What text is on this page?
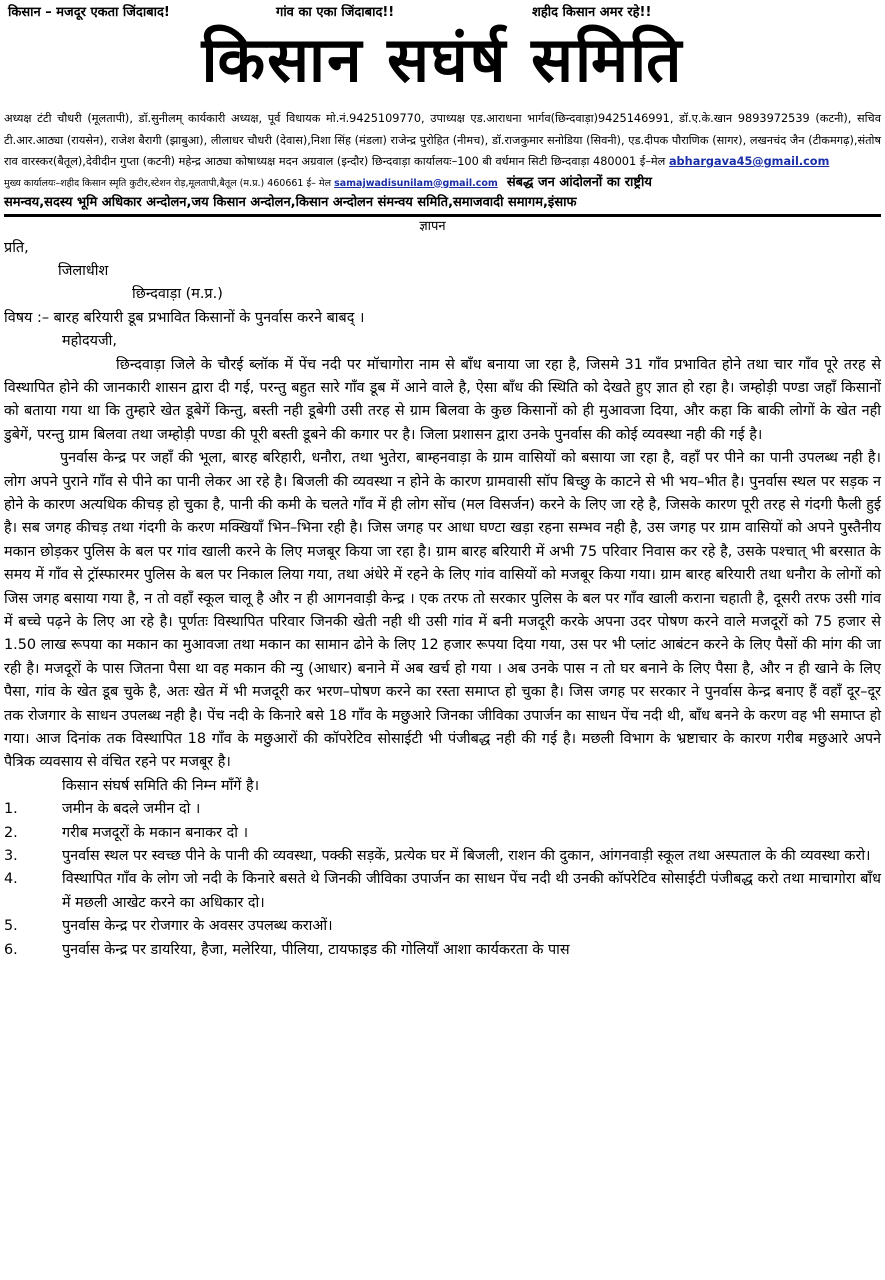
किसान – मजदूर एकता जिंदाबाद!	गांव का एका जिंदाबाद!!	शहीद किसान अमर रहे!!
किसान सघंर्ष समिति
अध्यक्ष टंटी चौधरी (मूलतापी), डॉ.सुनीलम् कार्यकारी अध्यक्ष, पूर्व विधायक मो.नं.9425109770, उपाध्यक्ष एड.आराधना भार्गव(छिन्दवाड़ा)9425146991, डॉ.ए.के.खान 9893972539 (कटनी), सचिव टी.आर.आठ्या (रायसेन), राजेश बैरागी (झाबुआ), लीलाधर चौधरी (देवास),निशा सिंह (मंडला) राजेन्द्र पुरोहित (नीमच), डॉ.राजकुमार सनोडिया (सिवनी), एड.दीपक पौराणिक (सागर), लखनचंद जैन (टीकमगढ़),संतोष राव वारस्कर(बैतूल),देवीदीन गुप्ता (कटनी) महेन्द्र आठ्या कोषाध्यक्ष मदन अग्रवाल (इन्दौर) छिन्दवाड़ा कार्यालयः–100 बी वर्धमान सिटी छिन्दवाड़ा 480001 ई–मेल abhargava45@gmail.com
मुख्य कार्यालयः–शहीद किसान स्मृति कुटीर,स्टेशन रोड़,मूलतापी,बैतूल (म.प्र.) 460661 ई– मेल samajwadisunilam@gmail.com संबद्ध जन आंदोलनों का राष्ट्रीय
समन्वय,सदस्य भूमि अधिकार अन्दोलन,जय किसान अन्दोलन,किसान अन्दोलन संमन्वय समिति,समाजवादी समागम,इंसाफ
ज्ञापन

प्रति,

जिलाधीश

छिन्दवाड़ा (म.प्र.)

विषय :– बारह बरियारी डूब प्रभावित किसानों के पुनर्वास करने बाबद् ।

महोदयजी,

छिन्दवाड़ा जिले के चौरई ब्लॉक में पेंच नदी पर मॉचागोरा नाम से बाँध बनाया जा रहा है, जिसमे 31 गाँव प्रभावित होने तथा चार गाँव पूरे तरह से विस्थापित होने की जानकारी शासन द्वारा दी गई, परन्तु बहुत सारे गाँव डूब में आने वाले है, ऐसा बाँध की स्थिति को देखते हुए ज्ञात हो रहा है। जम्होड़ी पण्डा जहाँ किसानों को बताया गया था कि तुम्हारे खेत डूबेगें किन्तु, बस्ती नही डूबेगी उसी तरह से ग्राम बिलवा के कुछ किसानों को ही मुआवजा दिया, और कहा कि बाकी लोगों के खेत नही डुबेगें, परन्तु ग्राम बिलवा तथा जम्होड़ी पण्डा की पूरी बस्ती डूबने की कगार पर है। जिला प्रशासन द्वारा उनके पुनर्वास की कोई व्यवस्था नही की गई है।

पुनर्वास केन्द्र पर जहाँ की भूला, बारह बरिहारी, धनौरा, तथा भुतेरा, बाम्हनवाड़ा के ग्राम वासियों को बसाया जा रहा है, वहाँ पर पीने का पानी उपलब्ध नही है। लोग अपने पुराने गाँव से पीने का पानी लेकर आ रहे है। बिजली की व्यवस्था न होने के कारण ग्रामवासी सॉप बिच्छु के काटने से भी भय–भीत है। पुनर्वास स्थल पर सड़क न होने के कारण अत्यधिक कीचड़ हो चुका है, पानी की कमी के चलते गाँव में ही लोग सोंच (मल विसर्जन) करने के लिए जा रहे है, जिसके कारण पूरी तरह से गंदगी फैली हुई है। सब जगह कीचड़ तथा गंदगी के करण मक्खियाँ भिन–भिना रही है। जिस जगह पर आधा घण्टा खड़ा रहना सम्भव नही है, उस जगह पर ग्राम वासियों को अपने पुस्तैनीय मकान छोड़कर पुलिस के बल पर गांव खाली करने के लिए मजबूर किया जा रहा है। ग्राम बारह बरियारी में अभी 75 परिवार निवास कर रहे है, उसके पश्चात् भी बरसात के समय में गाँव से ट्रॉस्फारमर पुलिस के बल पर निकाल लिया गया, तथा अंधेरे में रहने के लिए गांव वासियों को मजबूर किया गया। ग्राम बारह बरियारी तथा धनौरा के लोगों को जिस जगह बसाया गया है, न तो वहाँ स्कूल चालू है और न ही आगनवाड़ी केन्द्र । एक तरफ तो सरकार पुलिस के बल पर गाँव खाली कराना चहाती है, दूसरी तरफ उसी गांव में बच्चे पढ़ने के लिए आ रहे है। पूर्णतः विस्थापित परिवार जिनकी खेती नही थी उसी गांव में बनी मजदूरी करके अपना उदर पोषण करने वाले मजदूरों को 75 हजार से 1.50 लाख रूपया का मकान का मुआवजा तथा मकान का सामान ढोने के लिए 12 हजार रूपया दिया गया, उस पर भी प्लांट आबंटन करने के लिए पैसों की मांग की जा रही है। मजदूरों के पास जितना पैसा था वह मकान की न्यु (आधार) बनाने में अब खर्च हो गया । अब उनके पास न तो घर बनाने के लिए पैसा है, और न ही खाने के लिए पैसा, गांव के खेत डूब चुके है, अतः खेत में भी मजदूरी कर भरण–पोषण करने का रस्ता समाप्त हो चुका है। जिस जगह पर सरकार ने पुनर्वास केन्द्र बनाए हैं वहाँ दूर–दूर तक रोजगार के साधन उपलब्ध नही है। पेंच नदी के किनारे बसे 18 गाँव के मछुआरे जिनका जीविका उपार्जन का साधन पेंच नदी थी, बाँध बनने के करण वह भी समाप्त हो गया। आज दिनांक तक विस्थापित 18 गाँव के मछुआरों की कॉपरेटिव सोसाईटी भी पंजीबद्ध नही की गई है। मछली विभाग के भ्रष्टाचार के कारण गरीब मछुआरे अपने पैत्रिक व्यवसाय से वंचित रहने पर मजबूर है।

किसान संघर्ष समिति की निम्न माँगें है।

1.	जमीन के बदले जमीन दो ।
2.	गरीब मजदूरों के मकान बनाकर दो ।
3.	पुनर्वास स्थल पर स्वच्छ पीने के पानी की व्यवस्था, पक्की सड़कें, प्रत्येक घर में बिजली, राशन की दुकान, आंगनवाड़ी स्कूल तथा अस्पताल के की व्यवस्था करो।
4.	विस्थापित गाँव के लोग जो नदी के किनारे बसते थे जिनकी जीविका उपार्जन का साधन पेंच नदी थी उनकी कॉपरेटिव सोसाईटी पंजीबद्ध करो तथा माचागोरा बाँध में मछली आखेट करने का अधिकार दो।
5.	पुनर्वास केन्द्र पर रोजगार के अवसर उपलब्ध कराओं।
6.	पुनर्वास केन्द्र पर डायरिया, हैजा, मलेरिया, पीलिया, टायफाइड की गोलियाँ आशा कार्यकरता के पास
